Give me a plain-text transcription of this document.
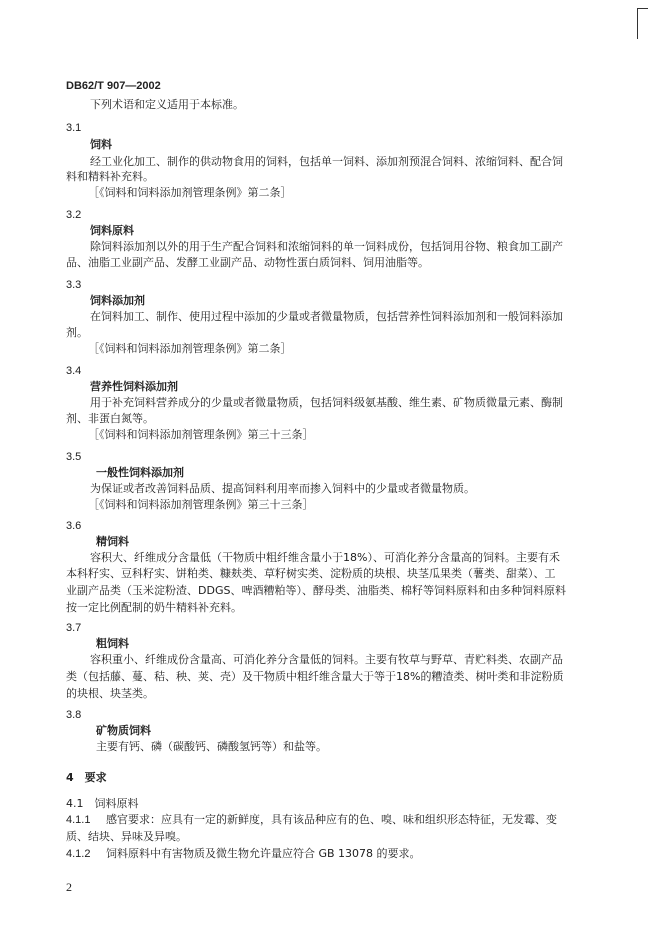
DB62/T 907—2002
下列术语和定义适用于本标准。
3.1
饲料
经工业化加工、制作的供动物食用的饲料，包括单一饲料、添加剂预混合饲料、浓缩饲料、配合饲
料和精料补充料。
［《饲料和饲料添加剂管理条例》第二条］
3.2
饲料原料
除饲料添加剂以外的用于生产配合饲料和浓缩饲料的单一饲料成份，包括饲用谷物、粮食加工副产
品、油脂工业副产品、发酵工业副产品、动物性蛋白质饲料、饲用油脂等。
3.3
饲料添加剂
在饲料加工、制作、使用过程中添加的少量或者微量物质，包括营养性饲料添加剂和一般饲料添加
剂。
［《饲料和饲料添加剂管理条例》第二条］
3.4
营养性饲料添加剂
用于补充饲料营养成分的少量或者微量物质，包括饲料级氨基酸、维生素、矿物质微量元素、酶制
剂、非蛋白氮等。
［《饲料和饲料添加剂管理条例》第三十三条］
3.5
一般性饲料添加剂
为保证或者改善饲料品质、提高饲料利用率而掺入饲料中的少量或者微量物质。
［《饲料和饲料添加剂管理条例》第三十三条］
3.6
精饲料
容积大、纤维成分含量低（干物质中粗纤维含量小于18%）、可消化养分含量高的饲料。主要有禾
本科籽实、豆科籽实、饼粕类、糠麸类、草籽树实类、淀粉质的块根、块茎瓜果类（薯类、甜菜）、工
业副产品类（玉米淀粉渣、DDGS、啤酒糟粕等）、酵母类、油脂类、棉籽等饲料原料和由多种饲料原料
按一定比例配制的奶牛精料补充料。
3.7
粗饲料
容积重小、纤维成份含量高、可消化养分含量低的饲料。主要有牧草与野草、青贮料类、农副产品
类（包括藤、蔓、秸、秧、荚、壳）及干物质中粗纤维含量大于等于18%的糟渣类、树叶类和非淀粉质
的块根、块茎类。
3.8
矿物质饲料
主要有钙、磷（碳酸钙、磷酸氢钙等）和盐等。
4　要求
4.1　饲料原料
4.1.1 感官要求：应具有一定的新鲜度，具有该品种应有的色、嗅、味和组织形态特征，无发霉、变
质、结块、异味及异嗅。
4.1.2 饲料原料中有害物质及微生物允许量应符合 GB 13078 的要求。
2
